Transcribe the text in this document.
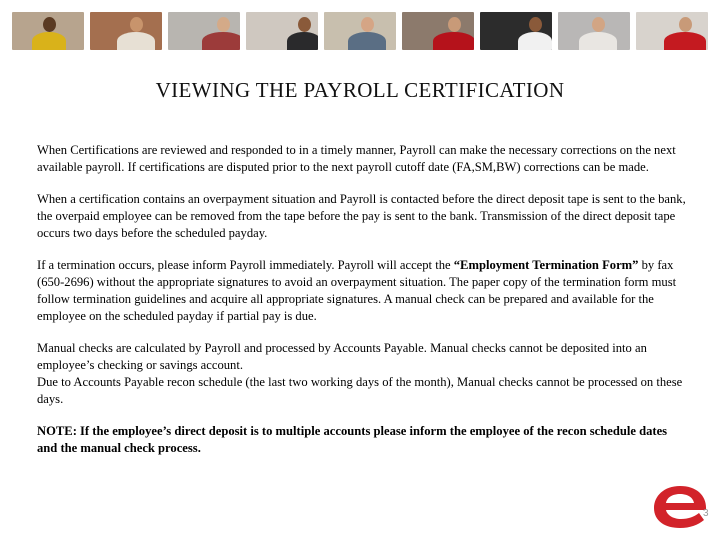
VIEWING THE PAYROLL CERTIFICATION

When Certifications are reviewed and responded to in a timely manner, Payroll can make the necessary corrections on the next available payroll. If certifications are disputed prior to the next payroll cutoff date (FA,SM,BW) corrections can be made.

When a certification contains an overpayment situation and Payroll is contacted before the direct deposit tape is sent to the bank, the overpaid employee can be removed from the tape before the pay is sent to the bank. Transmission of the direct deposit tape occurs two days before the scheduled payday.

If a termination occurs, please inform Payroll immediately. Payroll will accept the “Employment Termination Form” by fax (650-2696) without the appropriate signatures to avoid an overpayment situation. The paper copy of the termination form must follow termination guidelines and acquire all appropriate signatures. A manual check can be prepared and available for the employee on the scheduled payday if partial pay is due.

Manual checks are calculated by Payroll and processed by Accounts Payable. Manual checks cannot be deposited into an employee’s checking or savings account.

Due to Accounts Payable recon schedule (the last two working days of the month), Manual checks cannot be processed on these days.

NOTE: If the employee’s direct deposit is to multiple accounts please inform the employee of the recon schedule dates and the manual check process.

3
